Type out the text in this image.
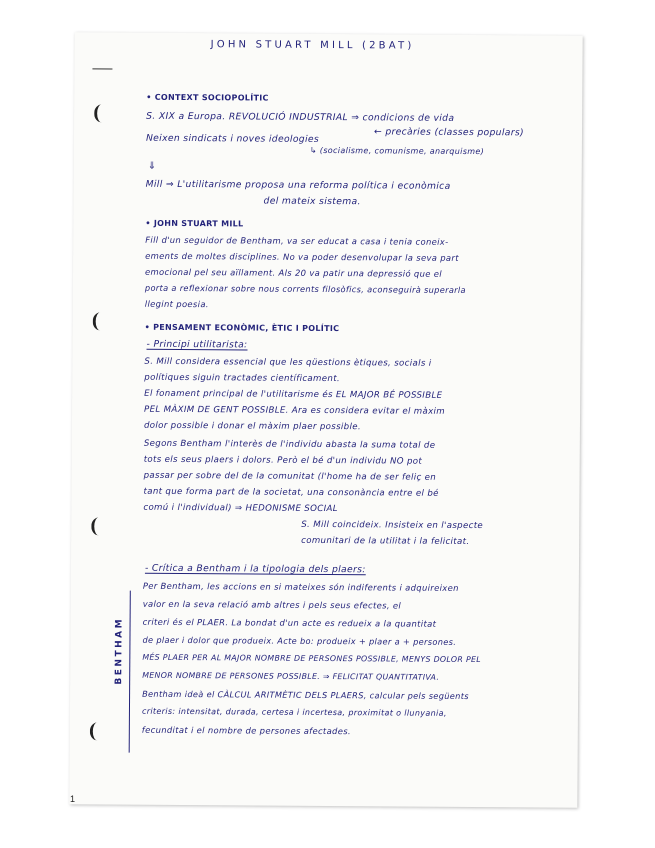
JOHN STUART MILL (2BAT)
• CONTEXT SOCIOPOLÍTIC
S. XIX a Europa. REVOLUCIÓ INDUSTRIAL ⇒ condicions de vida
← precàries (classes populars)
Neixen sindicats i noves ideologies
↳ (socialisme, comunisme, anarquisme)
⇓
Mill ⇒ L'utilitarisme proposa una reforma política i econòmica
del mateix sistema.
• JOHN STUART MILL
Fill d'un seguidor de Bentham, va ser educat a casa i tenia coneix-
ements de moltes disciplines. No va poder desenvolupar la seva part
emocional pel seu aïllament. Als 20 va patir una depressió que el
porta a reflexionar sobre nous corrents filosòfics, aconseguirà superarla
llegint poesia.
• PENSAMENT ECONÒMIC, ÈTIC I POLÍTIC
- Principi utilitarista:
S. Mill considera essencial que les qüestions ètiques, socials i
polítiques siguin tractades científicament.
El fonament principal de l'utilitarisme és EL MAJOR BÉ POSSIBLE
PEL MÀXIM DE GENT POSSIBLE. Ara es considera evitar el màxim
dolor possible i donar el màxim plaer possible.
Segons Bentham l'interès de l'individu abasta la suma total de
tots els seus plaers i dolors. Però el bé d'un individu NO pot
passar per sobre del de la comunitat (l'home ha de ser feliç en
tant que forma part de la societat, una consonància entre el bé
comú i l'individual) ⇒ HEDONISME SOCIAL
S. Mill coincideix. Insisteix en l'aspecte
comunitari de la utilitat i la felicitat.
- Crítica a Bentham i la tipologia dels plaers:
Per Bentham, les accions en si mateixes són indiferents i adquireixen
valor en la seva relació amb altres i pels seus efectes, el
criteri és el PLAER. La bondat d'un acte es redueix a la quantitat
de plaer i dolor que produeix. Acte bo: produeix + plaer a + persones.
MÉS PLAER PER AL MAJOR NOMBRE DE PERSONES POSSIBLE, MENYS DOLOR PEL
MENOR NOMBRE DE PERSONES POSSIBLE. ⇒ FELICITAT QUANTITATIVA.
Bentham ideà el CÀLCUL ARITMÈTIC DELS PLAERS, calcular pels següents
criteris: intensitat, durada, certesa i incertesa, proximitat o llunyania,
fecunditat i el nombre de persones afectades.
BENTHAM
1
